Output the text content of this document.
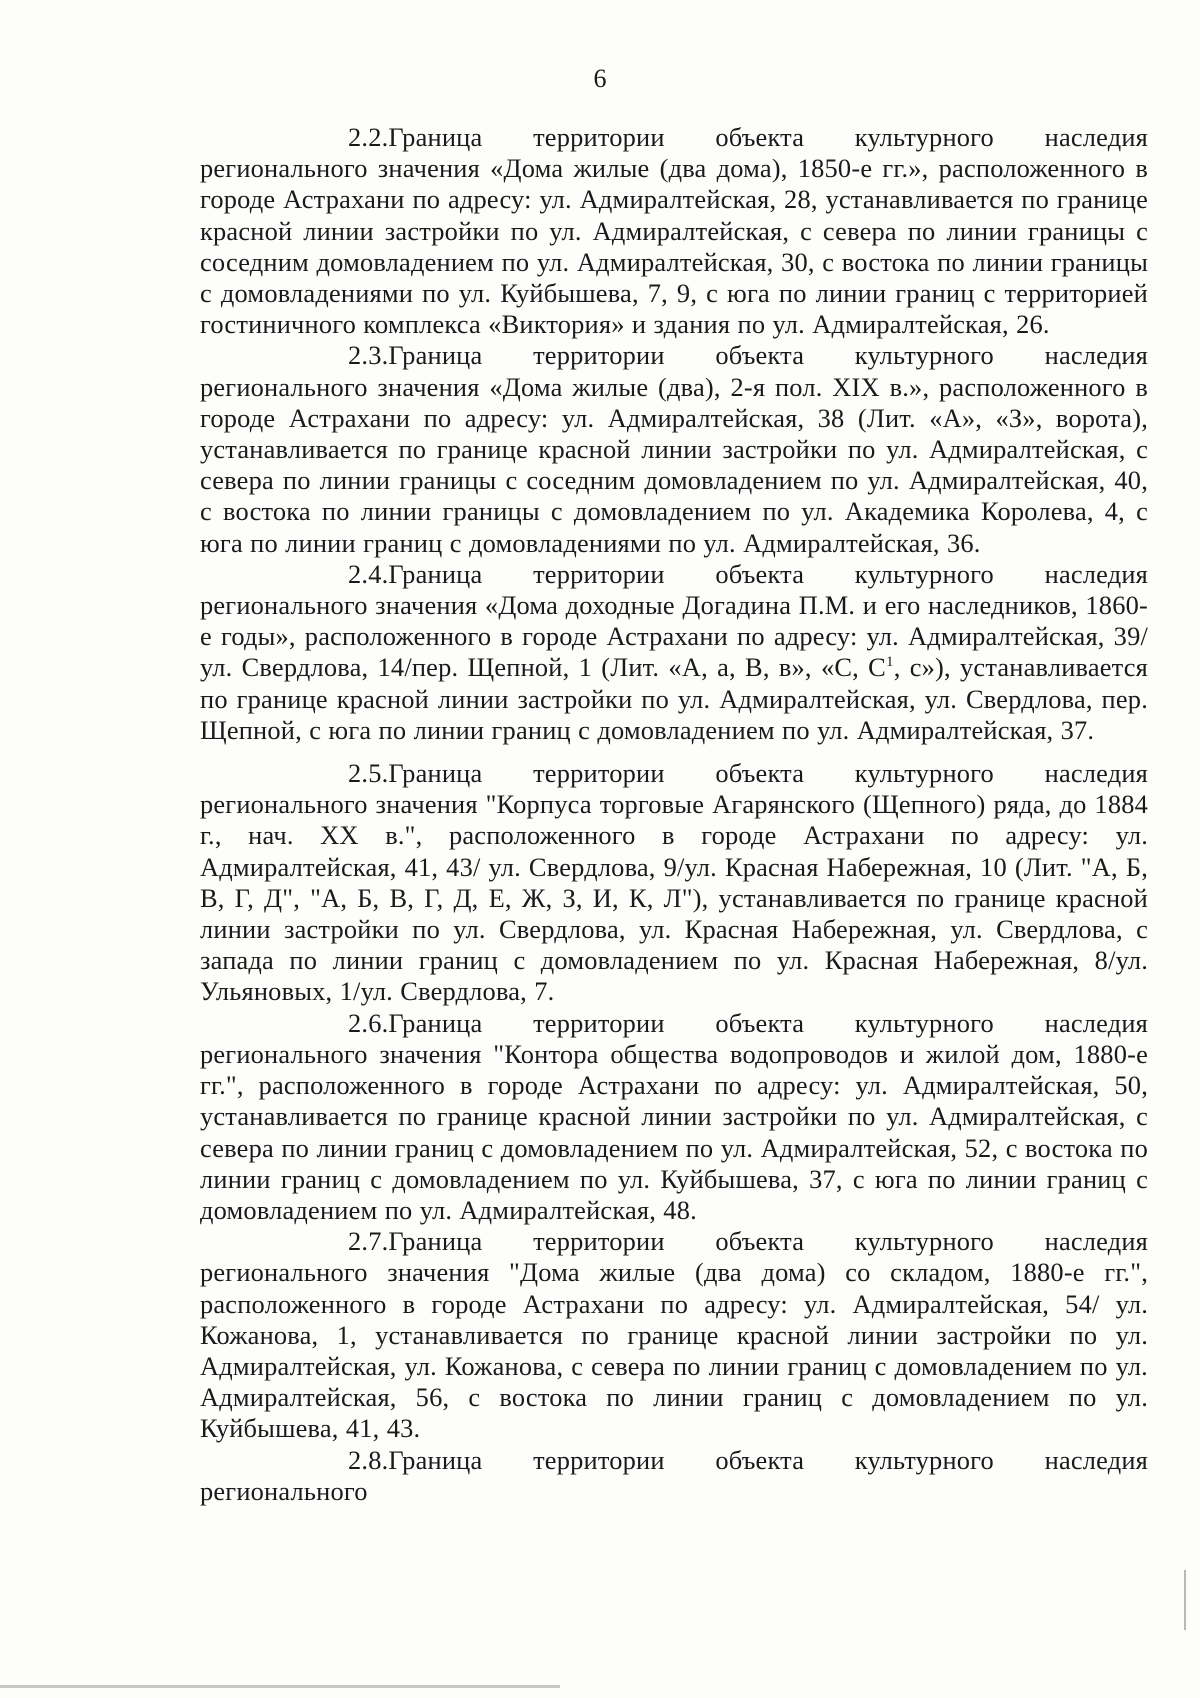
6

2.2.Граница территории объекта культурного наследия регионального значения «Дома жилые (два дома), 1850-е гг.», расположенного в городе Астрахани по адресу: ул. Адмиралтейская, 28, устанавливается по границе красной линии застройки по ул. Адмиралтейская, с севера по линии границы с соседним домовладением по ул. Адмиралтейская, 30, с востока по линии границы с домовладениями по ул. Куйбышева, 7, 9, с юга по линии границ с территорией гостиничного комплекса «Виктория» и здания по ул. Адмиралтейская, 26.

2.3.Граница территории объекта культурного наследия регионального значения «Дома жилые (два), 2-я пол. XIX в.», расположенного в городе Астрахани по адресу: ул. Адмиралтейская, 38 (Лит. «А», «З», ворота), устанавливается по границе красной линии застройки по ул. Адмиралтейская, с севера по линии границы с соседним домовладением по ул. Адмиралтейская, 40, с востока по линии границы с домовладением по ул. Академика Королева, 4, с юга по линии границ с домовладениями по ул. Адмиралтейская, 36.

2.4.Граница территории объекта культурного наследия регионального значения «Дома доходные Догадина П.М. и его наследников, 1860-е годы», расположенного в городе Астрахани по адресу: ул. Адмиралтейская, 39/ул. Свердлова, 14/пер. Щепной, 1 (Лит. «А, а, В, в», «С, $С^1$, с»), устанавливается по границе красной линии застройки по ул. Адмиралтейская, ул. Свердлова, пер. Щепной, с юга по линии границ с домовладением по ул. Адмиралтейская, 37.

2.5.Граница территории объекта культурного наследия регионального значения "Корпуса торговые Агарянского (Щепного) ряда, до 1884 г., нач. XX в.", расположенного в городе Астрахани по адресу: ул. Адмиралтейская, 41, 43/ ул. Свердлова, 9/ул. Красная Набережная, 10 (Лит. "А, Б, В, Г, Д", "А, Б, В, Г, Д, Е, Ж, З, И, К, Л"), устанавливается по границе красной линии застройки по ул. Свердлова, ул. Красная Набережная, ул. Свердлова, с запада по линии границ с домовладением по ул. Красная Набережная, 8/ул. Ульяновых, 1/ул. Свердлова, 7.

2.6.Граница территории объекта культурного наследия регионального значения "Контора общества водопроводов и жилой дом, 1880-е гг.", расположенного в городе Астрахани по адресу: ул. Адмиралтейская, 50, устанавливается по границе красной линии застройки по ул. Адмиралтейская, с севера по линии границ с домовладением по ул. Адмиралтейская, 52, с востока по линии границ с домовладением по ул. Куйбышева, 37, с юга по линии границ с домовладением по ул. Адмиралтейская, 48.

2.7.Граница территории объекта культурного наследия регионального значения "Дома жилые (два дома) со складом, 1880-е гг.", расположенного в городе Астрахани по адресу: ул. Адмиралтейская, 54/ ул. Кожанова, 1, устанавливается по границе красной линии застройки по ул. Адмиралтейская, ул. Кожанова, с севера по линии границ с домовладением по ул. Адмиралтейская, 56, с востока по линии границ с домовладением по ул. Куйбышева, 41, 43.

2.8.Граница территории объекта культурного наследия регионального
